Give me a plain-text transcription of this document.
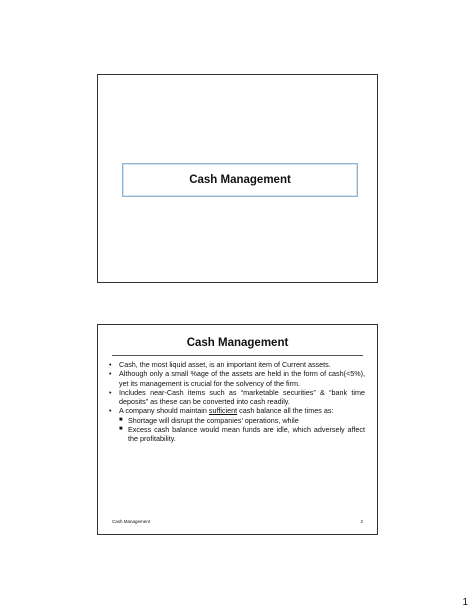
Cash Management
Cash Management
• Cash, the most liquid asset, is an important item of Current assets.
• Although only a small %age of the assets are held in the form of cash(<5%), yet its management is crucial for the solvency of the firm.
• Includes near-Cash items such as “marketable securities” & “bank time deposits” as these can be converted into cash readily.
• A company should maintain sufficient cash balance all the times as:
■ Shortage will disrupt the companies’ operations, while
■ Excess cash balance would mean funds are idle, which adversely affect the profitability.
Cash Management	2
1
